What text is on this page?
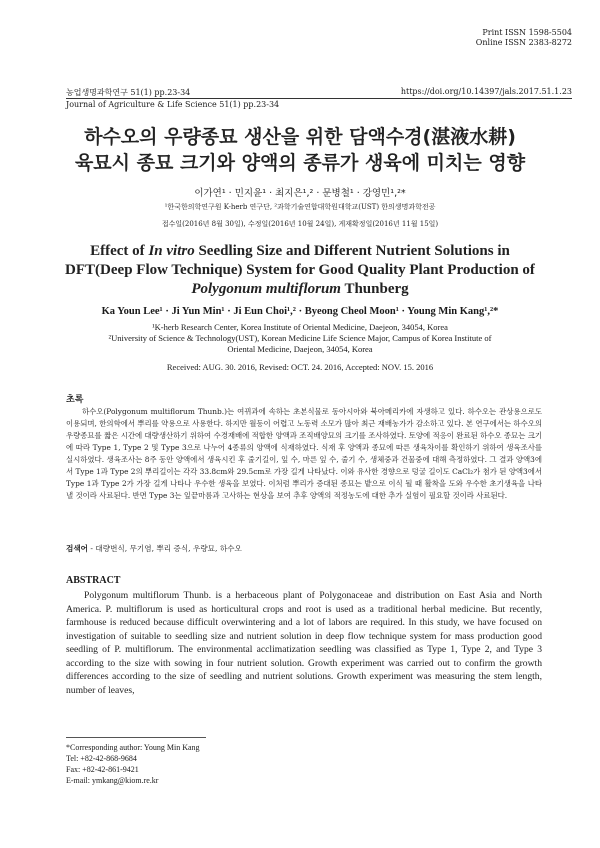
Print ISSN 1598-5504
Online ISSN 2383-8272
농업생명과학연구 51(1) pp.23-34
Journal of Agriculture & Life Science 51(1) pp.23-34
https://doi.org/10.14397/jals.2017.51.1.23
하수오의 우량종묘 생산을 위한 담액수경(湛液水耕)
육묘시 종묘 크기와 양액의 종류가 생육에 미치는 영향
이가연¹ · 민지윤¹ · 최지은¹,² · 문병철¹ · 강영민¹,²*
¹한국한의학연구원 K-herb 연구단, ²과학기술연합대학원대학교(UST) 한의생명과학전공
접수일(2016년 8월 30일), 수정일(2016년 10월 24일), 게재확정일(2016년 11월 15일)
Effect of In vitro Seedling Size and Different Nutrient Solutions in
DFT(Deep Flow Technique) System for Good Quality Plant Production of
Polygonum multiflorum Thunberg
Ka Youn Lee¹ · Ji Yun Min¹ · Ji Eun Choi¹,² · Byeong Cheol Moon¹ · Young Min Kang¹,²*
¹K-herb Research Center, Korea Institute of Oriental Medicine, Daejeon, 34054, Korea
²University of Science & Technology(UST), Korean Medicine Life Science Major, Campus of Korea Institute of
Oriental Medicine, Daejeon, 34054, Korea
Received: AUG. 30. 2016, Revised: OCT. 24. 2016, Accepted: NOV. 15. 2016
초록

하수오(Polygonum multiflorum Thunb.)는 여뀌과에 속하는 초본식물로 동아시아와 북아메리카에 자생하고 있다. 하수오는 관상용으로도 이용되며, 한의학에서 뿌리를 약용으로 사용한다. 하지만 월동이 어렵고 노동력 소모가 많아 최근 재배농가가 감소하고 있다. 본 연구에서는 하수오의 우량종묘를 짧은 시간에 대량생산하기 위하여 수경재배에 적합한 양액과 조직배양묘의 크기를 조사하였다. 토양에 적응이 완료된 하수오 종묘는 크기에 따라 Type 1, Type 2 및 Type 3으로 나누어 4종류의 양액에 식재하였다. 식재 후 양액과 종묘에 따른 생육차이를 확인하기 위하여 생육조사를 실시하였다. 생육조사는 8주 동안 양액에서 생육시킨 후 줄기길이, 잎 수, 마른 잎 수, 줄기 수, 생체중과 건물중에 대해 측정하였다. 그 결과 양액3에서 Type 1과 Type 2의 뿌리길이는 각각 33.8cm와 29.5cm로 가장 길게 나타났다. 이와 유사한 경향으로 덩굴 길이도 CaCl₂가 첨가 된 양액3에서 Type 1과 Type 2가 가장 길게 나타나 우수한 생육을 보였다. 이처럼 뿌리가 증대된 종묘는 밭으로 이식 될 때 활착을 도와 우수한 초기생육을 나타낼 것이라 사료된다. 반면 Type 3는 잎끝마름과 고사하는 현상을 보여 추후 양액의 적정농도에 대한 추가 실험이 필요할 것이라 사료된다.

검색어 - 대량번식, 무기염, 뿌리 증식, 우량묘, 하수오
ABSTRACT

Polygonum multiflorum Thunb. is a herbaceous plant of Polygonaceae and distribution on East Asia and North America. P. multiflorum is used as horticultural crops and root is used as a traditional herbal medicine. But recently, farmhouse is reduced because difficult overwintering and a lot of labors are required. In this study, we have focused on investigation of suitable to seedling size and nutrient solution in deep flow technique system for mass production good seedling of P. multiflorum. The environmental acclimatization seedling was classified as Type 1, Type 2, and Type 3 according to the size with sowing in four nutrient solution. Growth experiment was carried out to confirm the growth differences according to the size of seedling and nutrient solutions. Growth experiment was measuring the stem length, number of leaves,

*Corresponding author: Young Min Kang
Tel: +82-42-868-9684
Fax: +82-42-861-9421
E-mail: ymkang@kiom.re.kr
